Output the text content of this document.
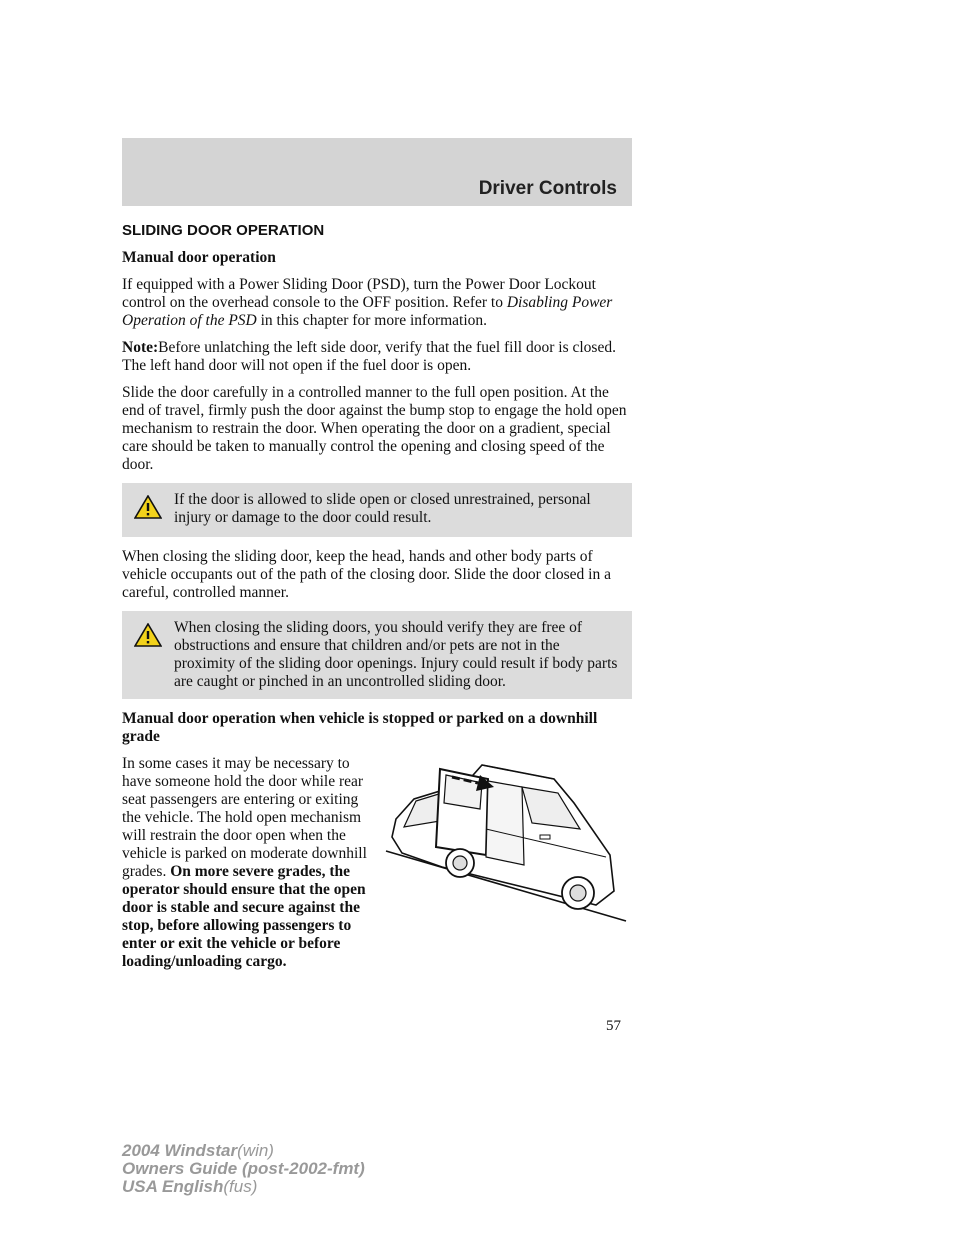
Driver Controls

SLIDING DOOR OPERATION

Manual door operation

If equipped with a Power Sliding Door (PSD), turn the Power Door Lockout control on the overhead console to the OFF position. Refer to Disabling Power Operation of the PSD in this chapter for more information.

Note:Before unlatching the left side door, verify that the fuel fill door is closed. The left hand door will not open if the fuel door is open.

Slide the door carefully in a controlled manner to the full open position. At the end of travel, firmly push the door against the bump stop to engage the hold open mechanism to restrain the door. When operating the door on a gradient, special care should be taken to manually control the opening and closing speed of the door.

If the door is allowed to slide open or closed unrestrained, personal injury or damage to the door could result.

When closing the sliding door, keep the head, hands and other body parts of vehicle occupants out of the path of the closing door. Slide the door closed in a careful, controlled manner.

When closing the sliding doors, you should verify they are free of obstructions and ensure that children and/or pets are not in the proximity of the sliding door openings. Injury could result if body parts are caught or pinched in an uncontrolled sliding door.

Manual door operation when vehicle is stopped or parked on a downhill grade

In some cases it may be necessary to have someone hold the door while rear seat passengers are entering or exiting the vehicle. The hold open mechanism will restrain the door open when the vehicle is parked on moderate downhill grades. On more severe grades, the operator should ensure that the open door is stable and secure against the stop, before allowing passengers to enter or exit the vehicle or before loading/unloading cargo.

57
2004 Windstar(win)
Owners Guide (post-2002-fmt)
USA English(fus)
